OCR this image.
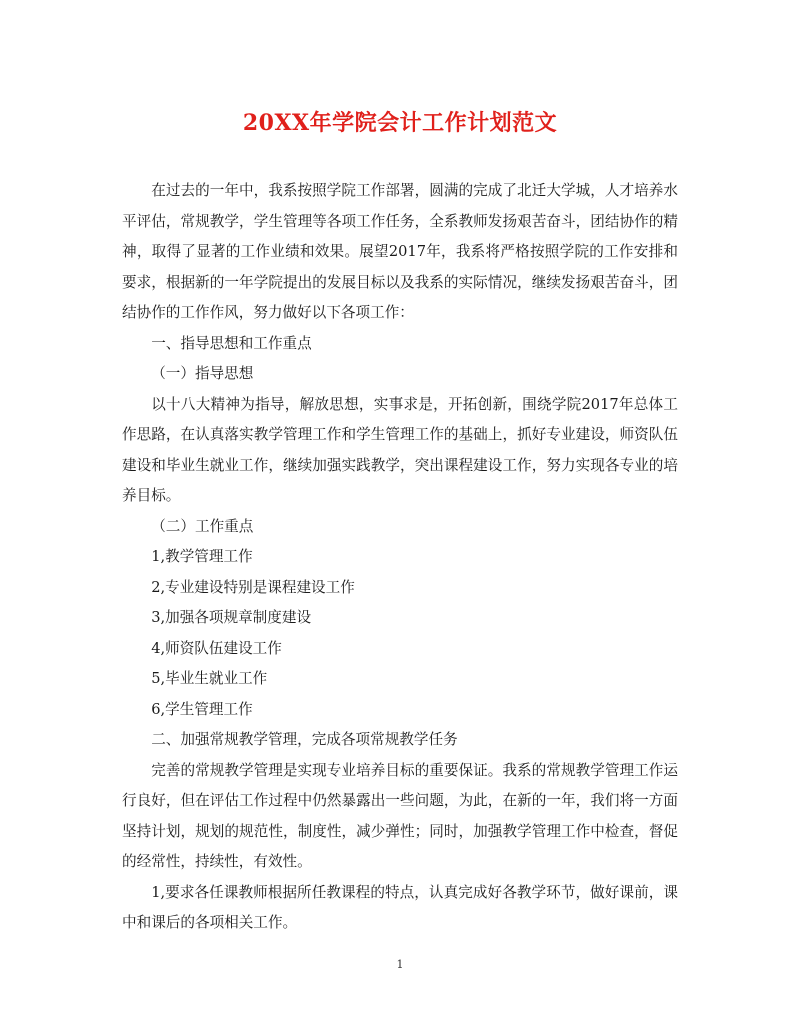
20XX年学院会计工作计划范文

在过去的一年中，我系按照学院工作部署，圆满的完成了北迁大学城，人才培养水平评估，常规教学，学生管理等各项工作任务，全系教师发扬艰苦奋斗，团结协作的精神，取得了显著的工作业绩和效果。展望2017年，我系将严格按照学院的工作安排和要求，根据新的一年学院提出的发展目标以及我系的实际情况，继续发扬艰苦奋斗，团结协作的工作作风，努力做好以下各项工作：

一、指导思想和工作重点

（一）指导思想

以十八大精神为指导，解放思想，实事求是，开拓创新，围绕学院2017年总体工作思路，在认真落实教学管理工作和学生管理工作的基础上，抓好专业建设，师资队伍建设和毕业生就业工作，继续加强实践教学，突出课程建设工作，努力实现各专业的培养目标。

（二）工作重点

1,教学管理工作

2,专业建设特别是课程建设工作

3,加强各项规章制度建设

4,师资队伍建设工作

5,毕业生就业工作

6,学生管理工作

二、加强常规教学管理，完成各项常规教学任务

完善的常规教学管理是实现专业培养目标的重要保证。我系的常规教学管理工作运行良好，但在评估工作过程中仍然暴露出一些问题，为此，在新的一年，我们将一方面坚持计划，规划的规范性，制度性，减少弹性；同时，加强教学管理工作中检查，督促的经常性，持续性，有效性。

1,要求各任课教师根据所任教课程的特点，认真完成好各教学环节，做好课前，课中和课后的各项相关工作。

1
